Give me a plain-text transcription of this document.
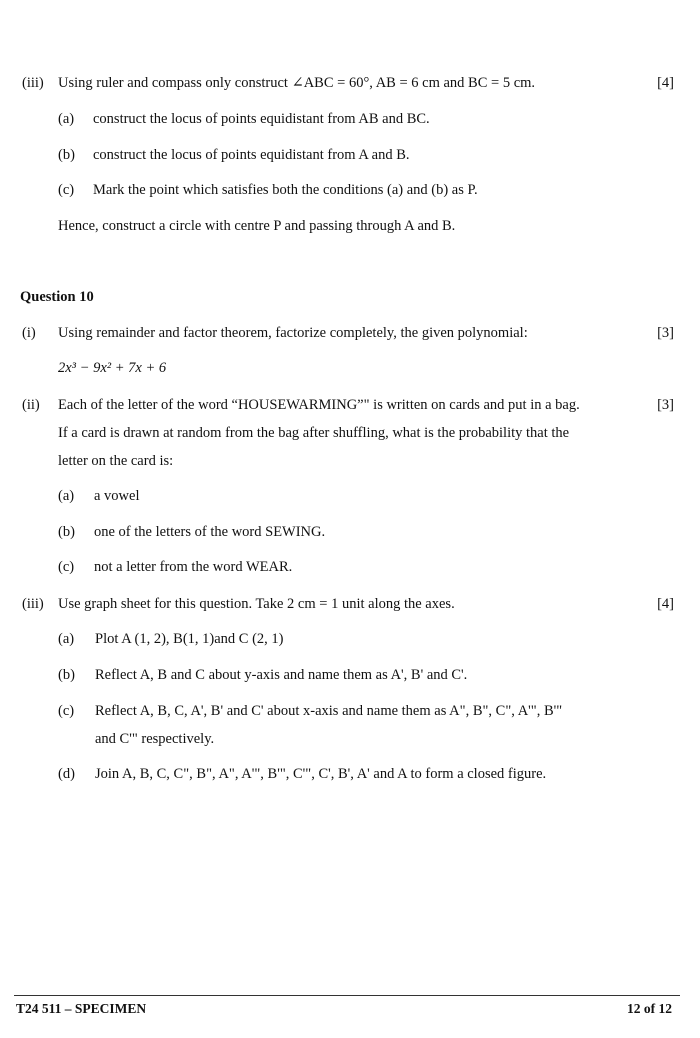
(iii) Using ruler and compass only construct ∠ABC = 60°, AB = 6 cm and BC = 5 cm.	[4]
(a) construct the locus of points equidistant from AB and BC.
(b) construct the locus of points equidistant from A and B.
(c) Mark the point which satisfies both the conditions (a) and (b) as P.
Hence, construct a circle with centre P and passing through A and B.
Question 10
(i) Using remainder and factor theorem, factorize completely, the given polynomial:	[3]
2x³ − 9x² + 7x + 6
(ii) Each of the letter of the word “HOUSEWARMING”" is written on cards and put in a bag.	[3]
If a card is drawn at random from the bag after shuffling, what is the probability that the
letter on the card is:
(a) a vowel
(b) one of the letters of the word SEWING.
(c) not a letter from the word WEAR.
(iii) Use graph sheet for this question. Take 2 cm = 1 unit along the axes.	[4]
(a) Plot A (1, 2), B(1, 1)and C (2, 1)
(b) Reflect A, B and C about y-axis and name them as A', B' and C'.
(c) Reflect A, B, C, A', B' and C' about x-axis and name them as A", B", C", A'", B'"
and C'" respectively.
(d) Join A, B, C, C", B", A", A'", B'", C'", C', B', A' and A to form a closed figure.
T24 511 – SPECIMEN	12 of 12
